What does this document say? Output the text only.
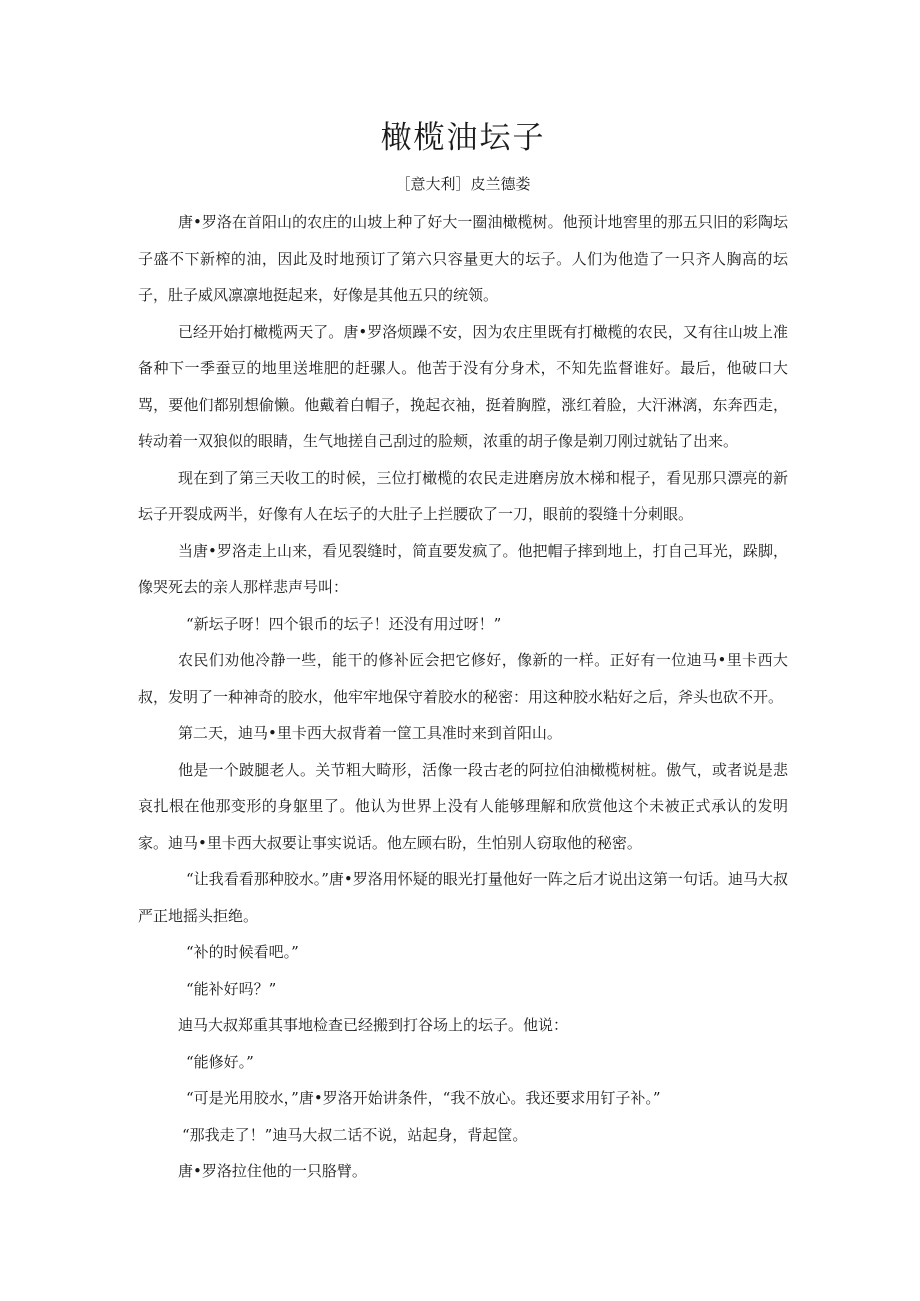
橄榄油坛子
［意大利］皮兰德娄

唐•罗洛在首阳山的农庄的山坡上种了好大一圈油橄榄树。他预计地窖里的那五只旧的彩陶坛子盛不下新榨的油，因此及时地预订了第六只容量更大的坛子。人们为他造了一只齐人胸高的坛子，肚子威风凛凛地挺起来，好像是其他五只的统领。

已经开始打橄榄两天了。唐•罗洛烦躁不安，因为农庄里既有打橄榄的农民，又有往山坡上准备种下一季蚕豆的地里送堆肥的赶骡人。他苦于没有分身术，不知先监督谁好。最后，他破口大骂，要他们都别想偷懒。他戴着白帽子，挽起衣袖，挺着胸膛，涨红着脸，大汗淋漓，东奔西走，转动着一双狼似的眼睛，生气地搓自己刮过的脸颊，浓重的胡子像是剃刀刚过就钻了出来。

现在到了第三天收工的时候，三位打橄榄的农民走进磨房放木梯和棍子，看见那只漂亮的新坛子开裂成两半，好像有人在坛子的大肚子上拦腰砍了一刀，眼前的裂缝十分刺眼。

当唐•罗洛走上山来，看见裂缝时，简直要发疯了。他把帽子摔到地上，打自己耳光，跺脚，像哭死去的亲人那样悲声号叫：

“新坛子呀！四个银币的坛子！还没有用过呀！”

农民们劝他冷静一些，能干的修补匠会把它修好，像新的一样。正好有一位迪马•里卡西大叔，发明了一种神奇的胶水，他牢牢地保守着胶水的秘密：用这种胶水粘好之后，斧头也砍不开。

第二天，迪马•里卡西大叔背着一筐工具准时来到首阳山。

他是一个跛腿老人。关节粗大畸形，活像一段古老的阿拉伯油橄榄树桩。傲气，或者说是悲哀扎根在他那变形的身躯里了。他认为世界上没有人能够理解和欣赏他这个未被正式承认的发明家。迪马•里卡西大叔要让事实说话。他左顾右盼，生怕别人窃取他的秘密。

“让我看看那种胶水。”唐•罗洛用怀疑的眼光打量他好一阵之后才说出这第一句话。迪马大叔严正地摇头拒绝。

“补的时候看吧。”

“能补好吗？”

迪马大叔郑重其事地检查已经搬到打谷场上的坛子。他说：

“能修好。”

“可是光用胶水，”唐•罗洛开始讲条件，“我不放心。我还要求用钉子补。”

“那我走了！”迪马大叔二话不说，站起身，背起筐。

唐•罗洛拉住他的一只胳臂。
